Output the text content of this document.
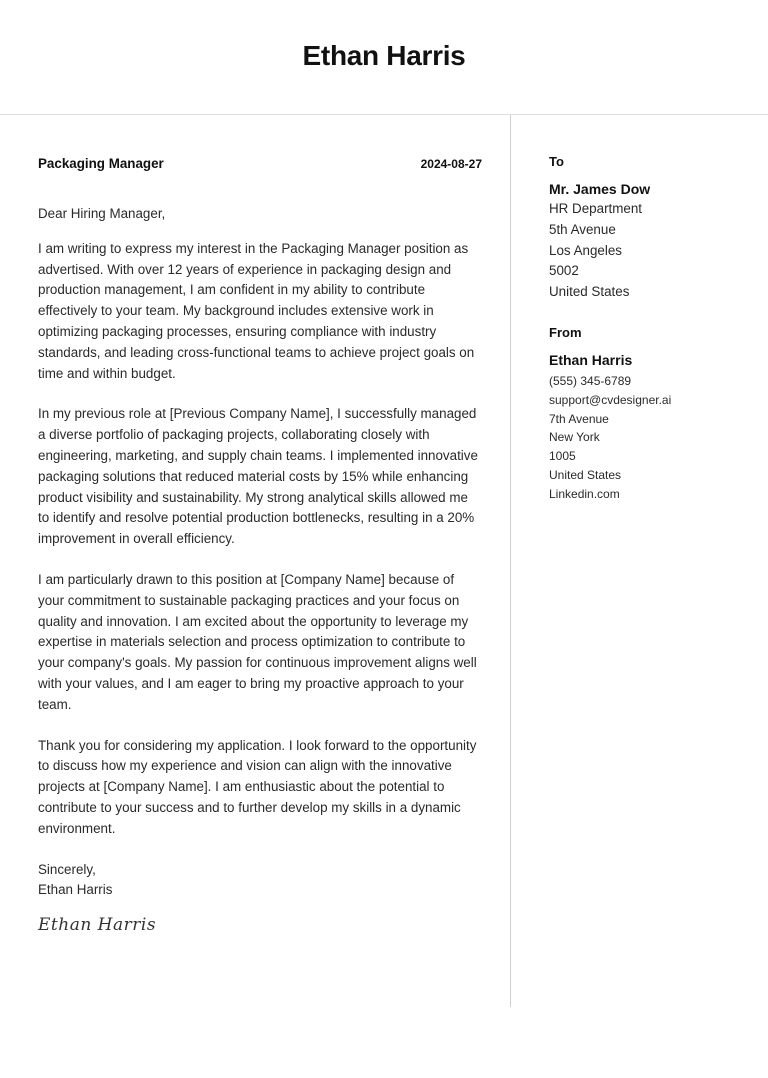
Ethan Harris
Packaging Manager	2024-08-27

Dear Hiring Manager,

I am writing to express my interest in the Packaging Manager position as advertised. With over 12 years of experience in packaging design and production management, I am confident in my ability to contribute effectively to your team. My background includes extensive work in optimizing packaging processes, ensuring compliance with industry standards, and leading cross-functional teams to achieve project goals on time and within budget.

In my previous role at [Previous Company Name], I successfully managed a diverse portfolio of packaging projects, collaborating closely with engineering, marketing, and supply chain teams. I implemented innovative packaging solutions that reduced material costs by 15% while enhancing product visibility and sustainability. My strong analytical skills allowed me to identify and resolve potential production bottlenecks, resulting in a 20% improvement in overall efficiency.

I am particularly drawn to this position at [Company Name] because of your commitment to sustainable packaging practices and your focus on quality and innovation. I am excited about the opportunity to leverage my expertise in materials selection and process optimization to contribute to your company's goals. My passion for continuous improvement aligns well with your values, and I am eager to bring my proactive approach to your team.

Thank you for considering my application. I look forward to the opportunity to discuss how my experience and vision can align with the innovative projects at [Company Name]. I am enthusiastic about the potential to contribute to your success and to further develop my skills in a dynamic environment.

Sincerely,

Ethan Harris

Ethan Harris
To
Mr. James Dow
HR Department
5th Avenue
Los Angeles
5002
United States
From
Ethan Harris
(555) 345-6789
support@cvdesigner.ai
7th Avenue
New York
1005
United States
Linkedin.com
